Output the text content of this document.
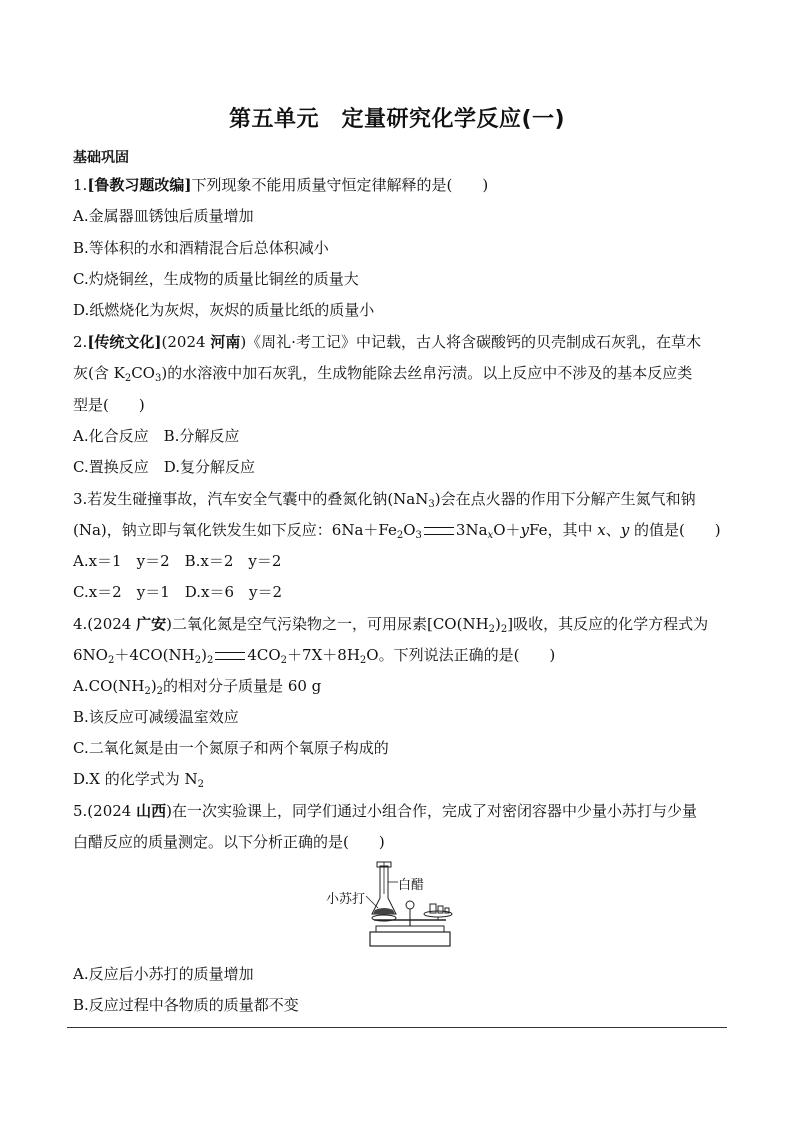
第五单元　定量研究化学反应(一)
基础巩固
1.[鲁教习题改编]下列现象不能用质量守恒定律解释的是(　　)
A.金属器皿锈蚀后质量增加
B.等体积的水和酒精混合后总体积减小
C.灼烧铜丝，生成物的质量比铜丝的质量大
D.纸燃烧化为灰烬，灰烬的质量比纸的质量小
2.[传统文化](2024 河南)《周礼·考工记》中记载，古人将含碳酸钙的贝壳制成石灰乳，在草木
灰(含 $K_2CO_3$)的水溶液中加石灰乳，生成物能除去丝帛污渍。以上反应中不涉及的基本反应类
型是(　　)
A.化合反应　B.分解反应
C.置换反应　D.复分解反应
3.若发生碰撞事故，汽车安全气囊中的叠氮化钠(NaN$_3$)会在点火器的作用下分解产生氮气和钠
(Na)，钠立即与氧化铁发生如下反应：$6Na+Fe_2O_3$ $3Na_xO+yFe$，其中 x、y 的值是(　　)
A.x＝1　y＝2　B.x＝2　y＝2
C.x＝2　y＝1　D.x＝6　y＝2
4.(2024 广安)二氧化氮是空气污染物之一，可用尿素$[CO(NH_2)_2]$吸收，其反应的化学方程式为
$6NO_2+4CO(NH_2)_2$ $4CO_2+7X+8H_2O$。下列说法正确的是(　　)
$A.CO(NH_2)_2$的相对分子质量是 60 g
B.该反应可减缓温室效应
C.二氧化氮是由一个氮原子和两个氧原子构成的
D.X 的化学式为 $N_2$
5.(2024 山西)在一次实验课上，同学们通过小组合作，完成了对密闭容器中少量小苏打与少量
白醋反应的质量测定。以下分析正确的是(　　)
小苏打
白醋
A.反应后小苏打的质量增加
B.反应过程中各物质的质量都不变
